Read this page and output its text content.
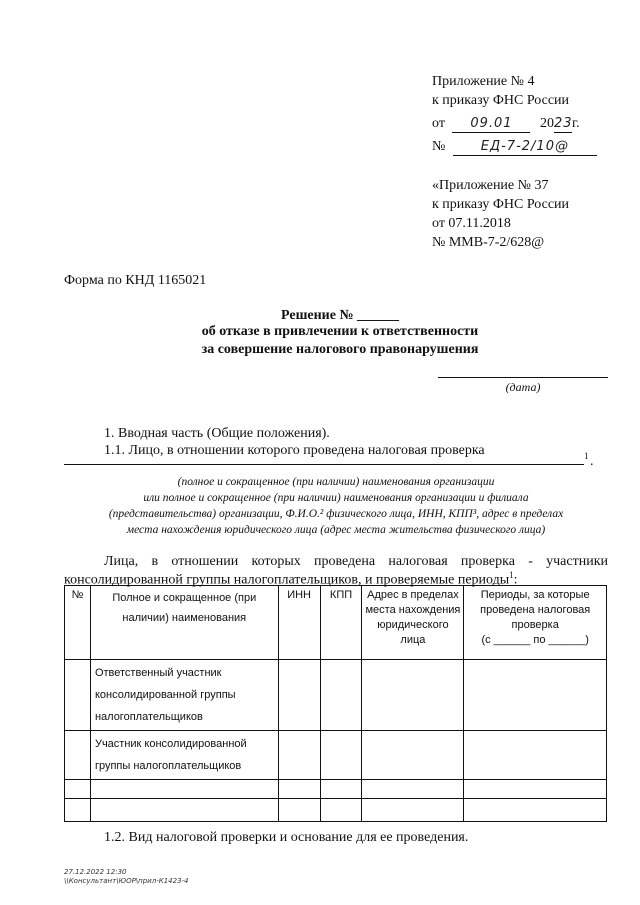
Приложение № 4
к приказу ФНС России
от 09.01 2023г.
№	ЕД-7-2/10@
«Приложение № 37
к приказу ФНС России
от 07.11.2018
№ ММВ-7-2/628@
Форма по КНД 1165021
Решение № ______
об отказе в привлечении к ответственности
за совершение налогового правонарушения
(дата)
1. Вводная часть (Общие положения).
1.1. Лицо, в отношении которого проведена налоговая проверка	1 .
(полное и сокращенное (при наличии) наименования организации
или полное и сокращенное (при наличии) наименования организации и филиала
(представительства) организации, Ф.И.О.² физического лица, ИНН, КПП³, адрес в пределах
места нахождения юридического лица (адрес места жительства физического лица)
Лица, в отношении которых проведена налоговая проверка - участники
консолидированной группы налогоплательщиков, и проверяемые периоды$^1$:
№	Полное и сокращенное (при наличии) наименования	ИНН	КПП	Адрес в пределах места нахождения юридического лица	Периоды, за которые проведена налоговая проверка
(с ______ по ______)
	Ответственный участник консолидированной группы налогоплательщиков				
	Участник консолидированной группы налогоплательщиков				

1.2. Вид налоговой проверки и основание для ее проведения.
27.12.2022 12:30
\\Консультант\ЮОР\прил-К1423-4
